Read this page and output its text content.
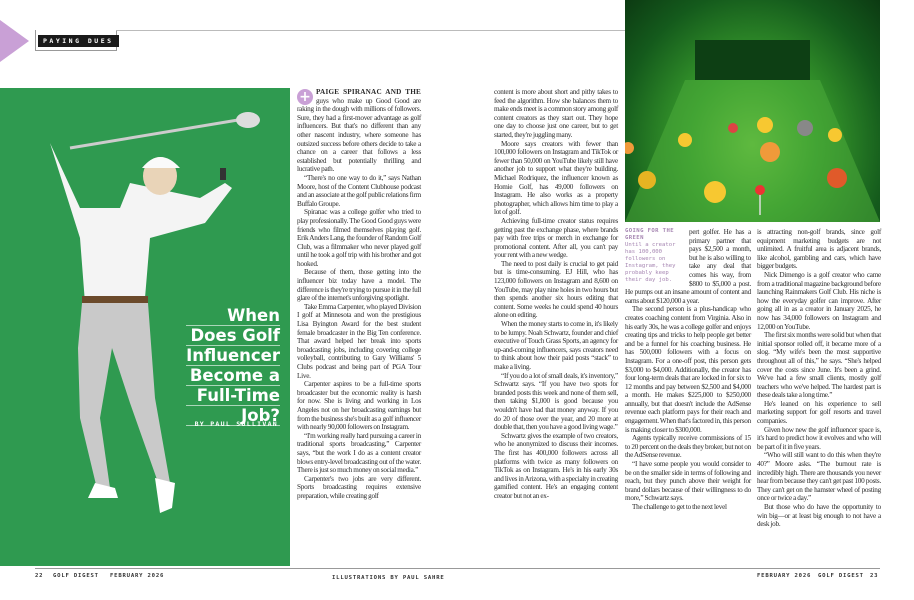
PAYING DUES
When
Does Golf
Influencer
Become a
Full-Time
Job?
BY PAUL SULLIVAN

+ PAIGE SPIRANAC AND THE guys who make up Good Good are raking in the dough with millions of followers. Sure, they had a first-mover advantage as golf influencers. But that's no different than any other nascent industry, where someone has outsized success before others decide to take a chance on a career that follows a less established but potentially thrilling and lucrative path.

“There's no one way to do it,” says Nathan Moore, host of the Content Clubhouse podcast and an associate at the golf public relations firm Buffalo Groupe.

Spiranac was a college golfer who tried to play professionally. The Good Good guys were friends who filmed themselves playing golf. Erik Anders Lang, the founder of Random Golf Club, was a filmmaker who never played golf until he took a golf trip with his brother and got hooked.

Because of them, those getting into the influencer biz today have a model. The difference is they're trying to pursue it in the full glare of the internet's unforgiving spotlight.

Take Emma Carpenter, who played Division I golf at Minnesota and won the prestigious Lisa Byington Award for the best student female broadcaster in the Big Ten conference. That award helped her break into sports broadcasting jobs, including covering college volleyball, contributing to Gary Williams' 5 Clubs podcast and being part of PGA Tour Live.

Carpenter aspires to be a full-time sports broadcaster but the economic reality is harsh for now. She is living and working in Los Angeles not on her broadcasting earnings but from the business she's built as a golf influencer with nearly 90,000 followers on Instagram.

“I'm working really hard pursuing a career in traditional sports broadcasting,” Carpenter says, “but the work I do as a content creator blows entry-level broadcasting out of the water. There is just so much money on social media.”

Carpenter's two jobs are very different. Sports broadcasting requires extensive preparation, while creating golf

content is more about short and pithy takes to feed the algorithm. How she balances them to make ends meet is a common story among golf content creators as they start out. They hope one day to choose just one career, but to get started, they're juggling many.

Moore says creators with fewer than 100,000 followers on Instagram and TikTok or fewer than 50,000 on YouTube likely still have another job to support what they're building. Michael Rodriquez, the influencer known as Homie Golf, has 49,000 followers on Instagram. He also works as a property photographer, which allows him time to play a lot of golf.

Achieving full-time creator status requires getting past the exchange phase, where brands pay with free trips or merch in exchange for promotional content. After all, you can't pay your rent with a new wedge.

The need to post daily is crucial to get paid but is time-consuming. EJ Hill, who has 123,000 followers on Instagram and 8,600 on YouTube, may play nine holes in two hours but then spends another six hours editing that content. Some weeks he could spend 40 hours alone on editing.

When the money starts to come in, it's likely to be lumpy. Noah Schwartz, founder and chief executive of Touch Grass Sports, an agency for up-and-coming influencers, says creators need to think about how their paid posts “stack” to make a living.

“If you do a lot of small deals, it's inventory,” Schwartz says. “If you have two spots for branded posts this week and none of them sell, then taking $1,000 is good because you wouldn't have had that money anyway. If you do 20 of those over the year, and 20 more at double that, then you have a good living wage.”

Schwartz gives the example of two creators, who he anonymized to discuss their incomes. The first has 400,000 followers across all platforms with twice as many followers on TikTok as on Instagram. He's in his early 30s and lives in Arizona, with a specialty in creating gamified content. He's an engaging content creator but not an ex-

GOING FOR THE GREEN
Until a creator has 100,000 followers on Instagram, they probably keep their day job.

pert golfer. He has a primary partner that pays $2,500 a month, but he is also willing to take any deal that comes his way, from $800 to $5,000 a post. He pumps out an insane amount of content and earns about $120,000 a year.

The second person is a plus-handicap who creates coaching content from Virginia. Also in his early 30s, he was a college golfer and enjoys creating tips and tricks to help people get better and be a funnel for his coaching business. He has 500,000 followers with a focus on Instagram. For a one-off post, this person gets $3,000 to $4,000. Additionally, the creator has four long-term deals that are locked in for six to 12 months and pay between $2,500 and $4,000 a month. He makes $225,000 to $250,000 annually, but that doesn't include the AdSense revenue each platform pays for their reach and engagement. When that's factored in, this person is making closer to $300,000.

Agents typically receive commissions of 15 to 20 percent on the deals they broker, but not on the AdSense revenue.

“I have some people you would consider to be on the smaller side in terms of following and reach, but they punch above their weight for brand dollars because of their willingness to do more,” Schwartz says.

The challenge to get to the next level

is attracting non-golf brands, since golf equipment marketing budgets are not unlimited. A fruitful area is adjacent brands, like alcohol, gambling and cars, which have bigger budgets.

Nick Dimengo is a golf creator who came from a traditional magazine background before launching Rainmakers Golf Club. His niche is how the everyday golfer can improve. After going all in as a creator in January 2025, he now has 34,000 followers on Instagram and 12,000 on YouTube.

The first six months were solid but when that initial sponsor rolled off, it became more of a slog. “My wife's been the most supportive throughout all of this,” he says. “She's helped cover the costs since June. It's been a grind. We've had a few small clients, mostly golf teachers who we've helped. The hardest part is these deals take a long time.”

He's leaned on his experience to sell marketing support for golf resorts and travel companies.

Given how new the golf influencer space is, it's hard to predict how it evolves and who will be part of it in five years.

“Who will still want to do this when they're 40?” Moore asks. “The burnout rate is incredibly high. There are thousands you never hear from because they can't get past 100 posts. They can't get on the hamster wheel of posting once or twice a day.”

But those who do have the opportunity to win big—or at least big enough to not have a desk job.

22 GOLF DIGEST FEBRUARY 2026	ILLUSTRATIONS BY PAUL SAHRE	FEBRUARY 2026 GOLF DIGEST 23
